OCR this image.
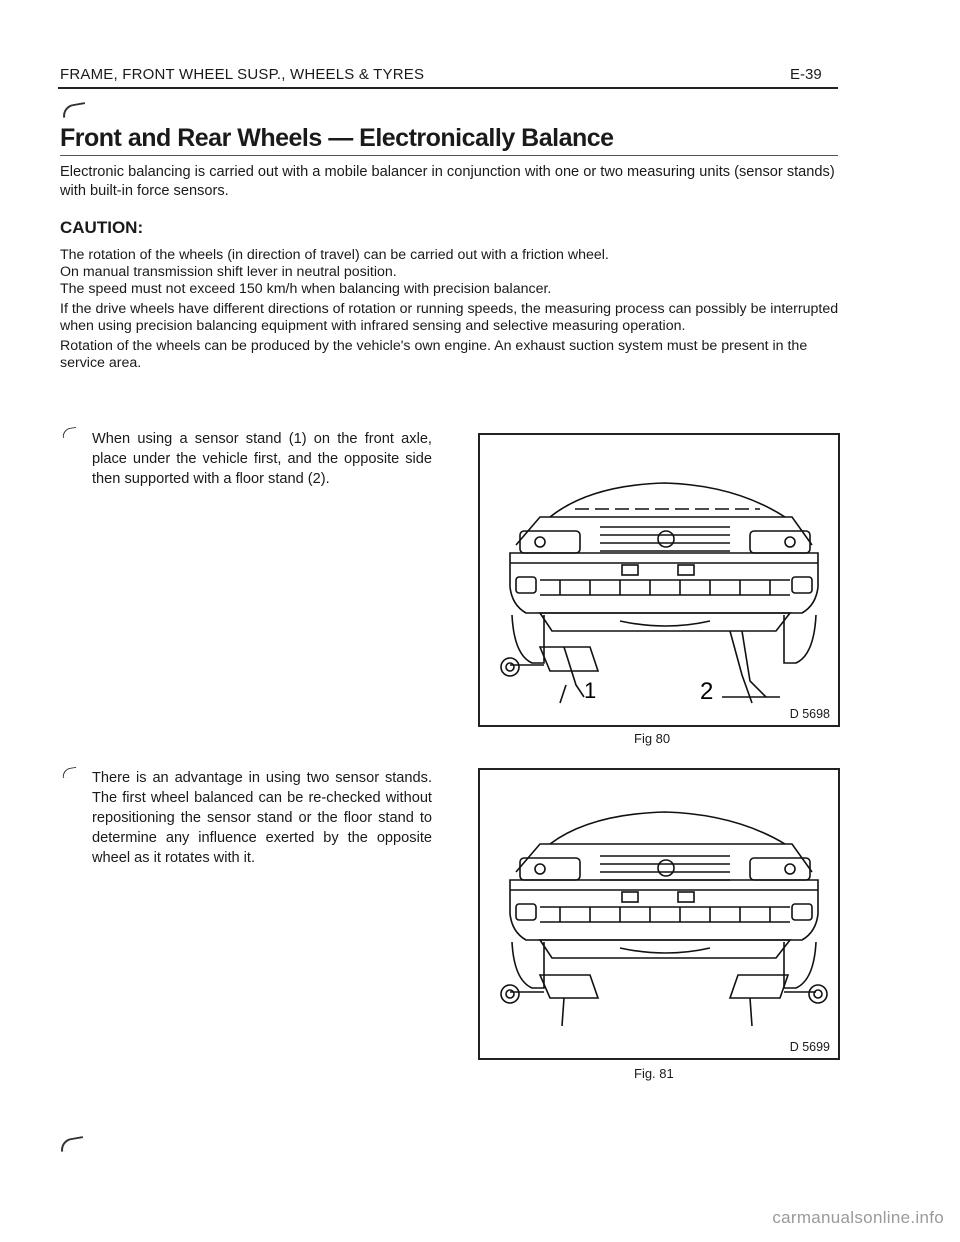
FRAME, FRONT WHEEL SUSP., WHEELS & TYRES	E-39
Front and Rear Wheels — Electronically Balance

Electronic balancing is carried out with a mobile balancer in conjunction with one or two measuring units (sensor stands) with built-in force sensors.

CAUTION:

The rotation of the wheels (in direction of travel) can be carried out with a friction wheel.

On manual transmission shift lever in neutral position.

The speed must not exceed 150 km/h when balancing with precision balancer.

If the drive wheels have different directions of rotation or running speeds, the measuring process can possibly be interrupted when using precision balancing equipment with infrared sensing and selective measuring operation.

Rotation of the wheels can be produced by the vehicle's own engine. An exhaust suction system must be present in the service area.

When using a sensor stand (1) on the front axle, place under the vehicle first, and the opposite side then supported with a floor stand (2).

1	2
D 5698
Fig 80

There is an advantage in using two sensor stands. The first wheel balanced can be re-checked without repositioning the sensor stand or the floor stand to determine any influence exerted by the opposite wheel as it rotates with it.

D 5699
Fig. 81
carmanualsonline.info
